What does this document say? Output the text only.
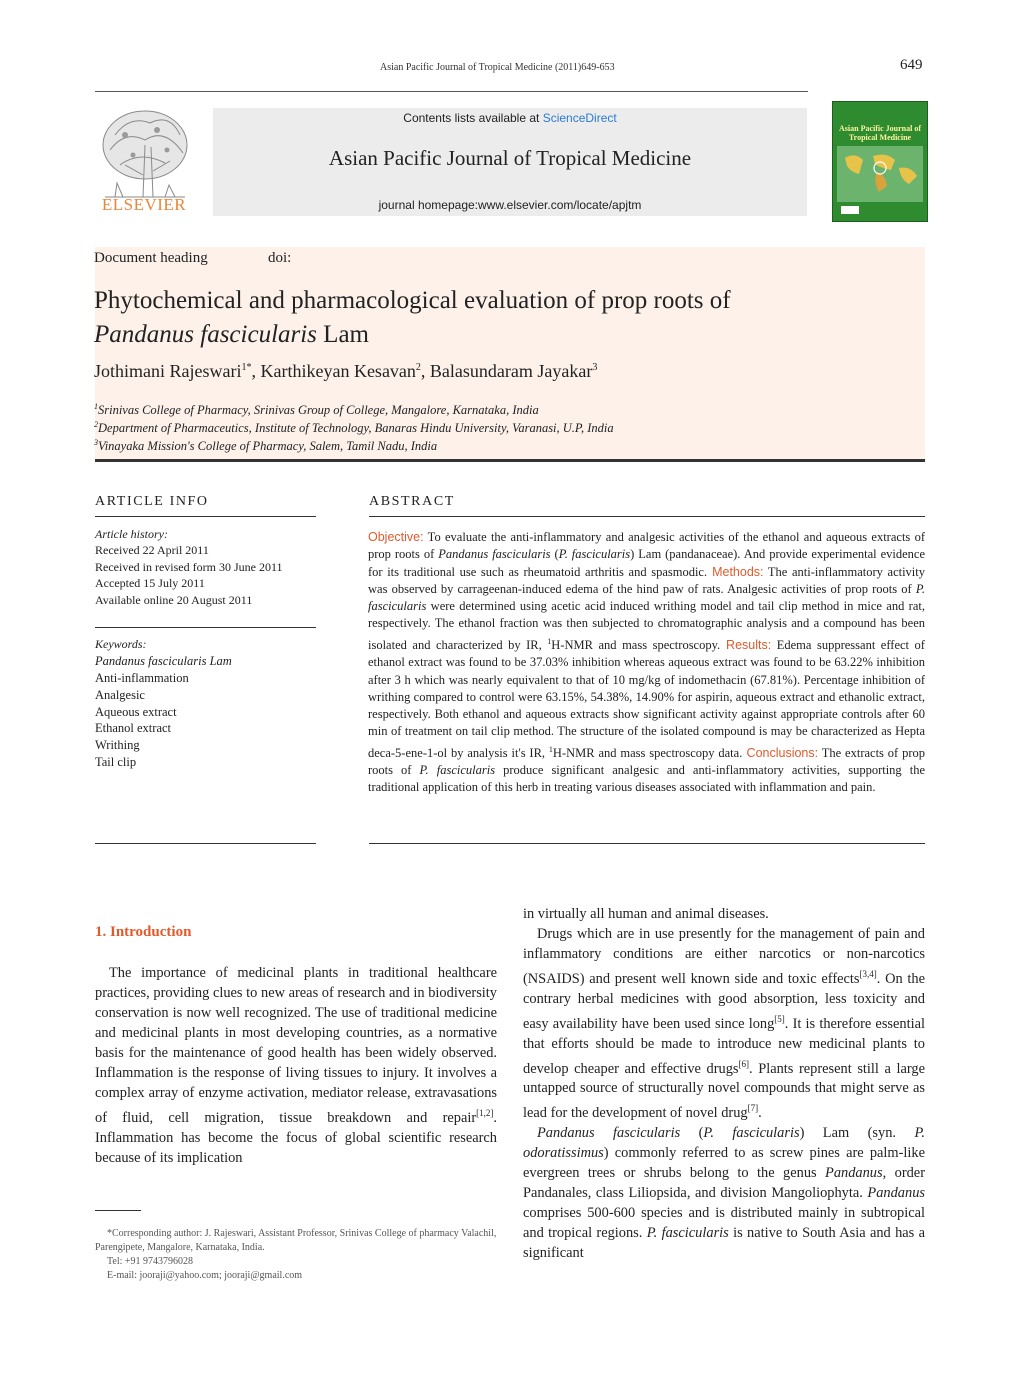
Asian Pacific Journal of Tropical Medicine (2011)649-653	649
ELSEVIER
Contents lists available at ScienceDirect
Asian Pacific Journal of Tropical Medicine
journal homepage:www.elsevier.com/locate/apjtm
Asian Pacific Journal of Tropical Medicine
Document heading	doi:
Phytochemical and pharmacological evaluation of prop roots of
Pandanus fascicularis Lam
Jothimani Rajeswari$^{1*}$, Karthikeyan Kesavan$^2$, Balasundaram Jayakar$^3$
$^1$Srinivas College of Pharmacy, Srinivas Group of College, Mangalore, Karnataka, India
$^2$Department of Pharmaceutics, Institute of Technology, Banaras Hindu University, Varanasi, U.P, India
$^3$Vinayaka Mission's College of Pharmacy, Salem, Tamil Nadu, India
ARTICLE INFO
Article history:
Received 22 April 2011
Received in revised form 30 June 2011
Accepted 15 July 2011
Available online 20 August 2011
Keywords:
Pandanus fascicularis Lam
Anti-inflammation
Analgesic
Aqueous extract
Ethanol extract
Writhing
Tail clip
ABSTRACT
Objective: To evaluate the anti-inflammatory and analgesic activities of the ethanol and aqueous extracts of prop roots of Pandanus fascicularis (P. fascicularis) Lam (pandanaceae). And provide experimental evidence for its traditional use such as rheumatoid arthritis and spasmodic. Methods: The anti-inflammatory activity was observed by carrageenan-induced edema of the hind paw of rats. Analgesic activities of prop roots of P. fascicularis were determined using acetic acid induced writhing model and tail clip method in mice and rat, respectively. The ethanol fraction was then subjected to chromatographic analysis and a compound has been isolated and characterized by IR, $^1$H-NMR and mass spectroscopy. Results: Edema suppressant effect of ethanol extract was found to be 37.03% inhibition whereas aqueous extract was found to be 63.22% inhibition after 3 h which was nearly equivalent to that of 10 mg/kg of indomethacin (67.81%). Percentage inhibition of writhing compared to control were 63.15%, 54.38%, 14.90% for aspirin, aqueous extract and ethanolic extract, respectively. Both ethanol and aqueous extracts show significant activity against appropriate controls after 60 min of treatment on tail clip method. The structure of the isolated compound is may be characterized as Hepta deca-5-ene-1-ol by analysis it's IR, $^1$H-NMR and mass spectroscopy data. Conclusions: The extracts of prop roots of P. fascicularis produce significant analgesic and anti-inflammatory activities, supporting the traditional application of this herb in treating various diseases associated with inflammation and pain.
1. Introduction

The importance of medicinal plants in traditional healthcare practices, providing clues to new areas of research and in biodiversity conservation is now well recognized. The use of traditional medicine and medicinal plants in most developing countries, as a normative basis for the maintenance of good health has been widely observed. Inflammation is the response of living tissues to injury. It involves a complex array of enzyme activation, mediator release, extravasations of fluid, cell migration, tissue breakdown and repair[1,2]. Inflammation has become the focus of global scientific research because of its implication

*Corresponding author: J. Rajeswari, Assistant Professor, Srinivas College of pharmacy Valachil, Parengipete, Mangalore, Karnataka, India.
Tel: +91 9743796028
E-mail: jooraji@yahoo.com; jooraji@gmail.com

in virtually all human and animal diseases.

Drugs which are in use presently for the management of pain and inflammatory conditions are either narcotics or non-narcotics (NSAIDS) and present well known side and toxic effects[3,4]. On the contrary herbal medicines with good absorption, less toxicity and easy availability have been used since long[5]. It is therefore essential that efforts should be made to introduce new medicinal plants to develop cheaper and effective drugs[6]. Plants represent still a large untapped source of structurally novel compounds that might serve as lead for the development of novel drug[7].

Pandanus fascicularis (P. fascicularis) Lam (syn. P. odoratissimus) commonly referred to as screw pines are palm-like evergreen trees or shrubs belong to the genus Pandanus, order Pandanales, class Liliopsida, and division Mangoliophyta. Pandanus comprises 500-600 species and is distributed mainly in subtropical and tropical regions. P. fascicularis is native to South Asia and has a significant
